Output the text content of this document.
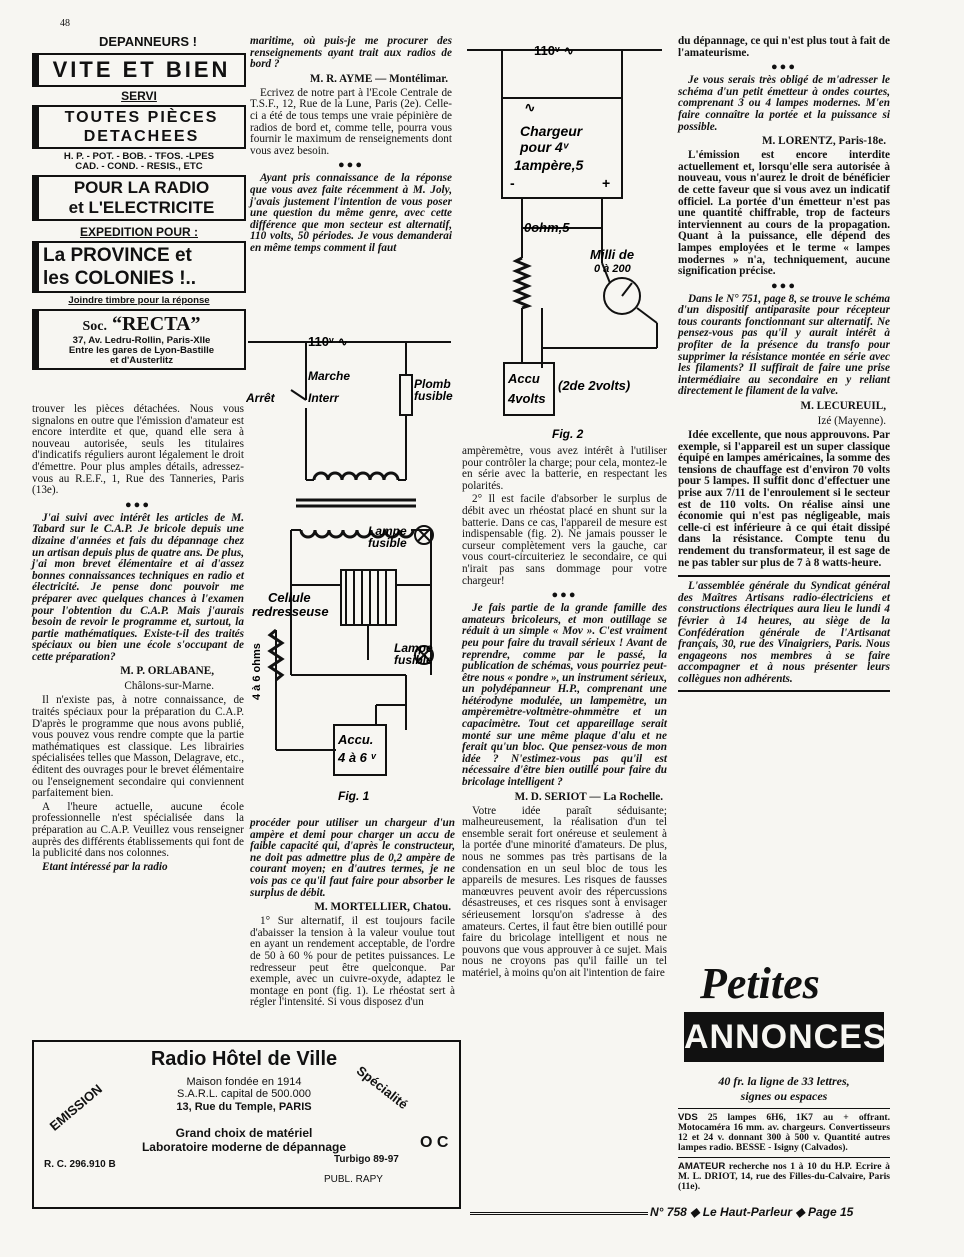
48
DEPANNEURS !
VITE ET BIEN
SERVI
TOUTES PIÈCES
DETACHEES
H. P. - POT. - BOB. - TFOS. -LPES
CAD. - COND. - RESIS., ETC
POUR LA RADIO
et L'ELECTRICITE
EXPEDITION POUR :
La PROVINCE et
les COLONIES !..
Joindre timbre pour la réponse
Soc. “RECTA”
37, Av. Ledru-Rollin, Paris-XIIe
Entre les gares de Lyon-Bastille
et d'Austerlitz

trouver les pièces détachées. Nous vous signalons en outre que l'émission d'amateur est encore interdite et que, quand elle sera à nouveau autorisée, seuls les titulaires d'indicatifs réguliers auront légalement le droit d'émettre. Pour plus amples détails, adressez-vous au R.E.F., 1, Rue des Tanneries, Paris (13e).

●●●

J'ai suivi avec intérêt les articles de M. Tabard sur le C.A.P. Je bricole depuis une dizaine d'années et fais du dépannage chez un artisan depuis plus de quatre ans. De plus, j'ai mon brevet élémentaire et ai d'assez bonnes connaissances techniques en radio et électricité. Je pense donc pouvoir me préparer avec quelques chances à l'examen pour l'obtention du C.A.P. Mais j'aurais besoin de revoir le programme et, surtout, la partie mathématiques. Existe-t-il des traités spéciaux ou bien une école s'occupant de cette préparation?

M. P. ORLABANE,
Châlons-sur-Marne.

Il n'existe pas, à notre connaissance, de traités spéciaux pour la préparation du C.A.P. D'après le programme que nous avons publié, vous pouvez vous rendre compte que la partie mathématiques est classique. Les librairies spécialisées telles que Masson, Delagrave, etc., éditent des ouvrages pour le brevet élémentaire ou l'enseignement secondaire qui conviennent parfaitement bien.

A l'heure actuelle, aucune école professionnelle n'est spécialisée dans la préparation au C.A.P. Veuillez vous renseigner auprès des différents établissements qui font de la publicité dans nos colonnes.

Etant intéressé par la radio

maritime, où puis-je me procurer des renseignements ayant trait aux radios de bord ?

M. R. AYME — Montélimar.

Ecrivez de notre part à l'Ecole Centrale de T.S.F., 12, Rue de la Lune, Paris (2e). Celle-ci a été de tous temps une vraie pépinière de radios de bord et, comme telle, pourra vous fournir le maximum de renseignements dont vous avez besoin.

●●●

Ayant pris connaissance de la réponse que vous avez faite récemment à M. Joly, j'avais justement l'intention de vous poser une question du même genre, avec cette différence que mon secteur est alternatif, 110 volts, 50 périodes. Je vous demanderai en même temps comment il faut

110ᵛ ∿
Arrêt
Marche
Interr
Plomb
fusible
Lampe
fusible
Cellule
redresseuse
Lampe
fusible
4 à 6 ohms
Accu.
4 à 6 ᵛ
Fig. 1

procéder pour utiliser un chargeur d'un ampère et demi pour charger un accu de faible capacité qui, d'après le constructeur, ne doit pas admettre plus de 0,2 ampère de courant moyen; en d'autres termes, je ne vois pas ce qu'il faut faire pour absorber le surplus de débit.

M. MORTELLIER, Chatou.

1° Sur alternatif, il est toujours facile d'abaisser la tension à la valeur voulue tout en ayant un rendement acceptable, de l'ordre de 50 à 60 % pour de petites puissances. Le redresseur peut être quelconque. Par exemple, avec un cuivre-oxyde, adaptez le montage en pont (fig. 1). Le rhéostat sert à régler l'intensité. Si vous disposez d'un

110ᵛ ∿
∿
Chargeur
pour 4ᵛ
1ampère,5
-	+
0ohm,5
Milli de
0 à 200
Accu
4volts
(2de 2volts)
Fig. 2

ampèremètre, vous avez intérêt à l'utiliser pour contrôler la charge; pour cela, montez-le en série avec la batterie, en respectant les polarités.

2° Il est facile d'absorber le surplus de débit avec un rhéostat placé en shunt sur la batterie. Dans ce cas, l'appareil de mesure est indispensable (fig. 2). Ne jamais pousser le curseur complètement vers la gauche, car vous court-circuiteriez le secondaire, ce qui n'irait pas sans dommage pour votre chargeur!

●●●

Je fais partie de la grande famille des amateurs bricoleurs, et mon outillage se réduit à un simple « Mov ». C'est vraiment peu pour faire du travail sérieux ! Avant de reprendre, comme par le passé, la publication de schémas, vous pourriez peut-être nous « pondre », un instrument sérieux, un polydépanneur H.P., comprenant une hétérodyne modulée, un lampemètre, un ampèremètre-voltmètre-ohmmètre et un capacimètre. Tout cet appareillage serait monté sur une même plaque d'alu et ne ferait qu'un bloc. Que pensez-vous de mon idée ? N'estimez-vous pas qu'il est nécessaire d'être bien outillé pour faire du bricolage intelligent ?

M. D. SERIOT — La Rochelle.

Votre idée paraît séduisante; malheureusement, la réalisation d'un tel ensemble serait fort onéreuse et seulement à la portée d'une minorité d'amateurs. De plus, nous ne sommes pas très partisans de la condensation en un seul bloc de tous les appareils de mesures. Les risques de fausses manœuvres peuvent avoir des répercussions désastreuses, et ces risques sont à envisager sérieusement lorsqu'on s'adresse à des amateurs. Certes, il faut être bien outillé pour faire du bricolage intelligent et nous ne pouvons que vous approuver à ce sujet. Mais nous ne croyons pas qu'il faille un tel matériel, à moins qu'on ait l'intention de faire

du dépannage, ce qui n'est plus tout à fait de l'amateurisme.

●●●

Je vous serais très obligé de m'adresser le schéma d'un petit émetteur à ondes courtes, comprenant 3 ou 4 lampes modernes. M'en faire connaître la portée et la puissance si possible.

M. LORENTZ, Paris-18e.

L'émission est encore interdite actuellement et, lorsqu'elle sera autorisée à nouveau, vous n'aurez le droit de bénéficier de cette faveur que si vous avez un indicatif officiel. La portée d'un émetteur n'est pas une quantité chiffrable, trop de facteurs interviennent au cours de la propagation. Quant à la puissance, elle dépend des lampes employées et le terme « lampes modernes » n'a, techniquement, aucune signification précise.

●●●

Dans le N° 751, page 8, se trouve le schéma d'un dispositif antiparasite pour récepteur tous courants fonctionnant sur alternatif. Ne pensez-vous pas qu'il y aurait intérêt à profiter de la présence du transfo pour supprimer la résistance montée en série avec les filaments? Il suffirait de faire une prise intermédiaire au secondaire en y reliant directement le filament de la valve.

M. LECUREUIL,
Izé (Mayenne).

Idée excellente, que nous approuvons. Par exemple, si l'appareil est un super classique équipé en lampes américaines, la somme des tensions de chauffage est d'environ 70 volts pour 5 lampes. Il suffit donc d'effectuer une prise aux 7/11 de l'enroulement si le secteur est de 110 volts. On réalise ainsi une économie qui n'est pas négligeable, mais celle-ci est inférieure à ce qui était dissipé dans la résistance. Compte tenu du rendement du transformateur, il est sage de ne pas tabler sur plus de 7 à 8 watts-heure.

L'assemblée générale du Syndicat général des Maîtres Artisans radio-électriciens et constructions électriques aura lieu le lundi 4 février à 14 heures, au siège de la Confédération générale de l'Artisanat français, 30, rue des Vinaigriers, Paris. Nous engageons nos membres à se faire accompagner et à nous présenter leurs collègues non adhérents.

Petites
ANNONCES
40 fr. la ligne de 33 lettres,
signes ou espaces

VDS 25 lampes 6H6, 1K7 au + offrant. Motocaméra 16 mm. av. chargeurs. Convertisseurs 12 et 24 v. donnant 300 à 500 v. Quantité autres lampes radio. BESSE - Isigny (Calvados).

AMATEUR recherche nos 1 à 10 du H.P. Ecrire à M. L. DRIOT, 14, rue des Filles-du-Calvaire, Paris (11e).

EMISSION	Spécialité
O C
Radio Hôtel de Ville
Maison fondée en 1914
S.A.R.L. capital de 500.000
13, Rue du Temple, PARIS
Grand choix de matériel
Laboratoire moderne de dépannage
R. C. 296.910 B	Turbigo 89-97
PUBL. RAPY
N° 758 ◆ Le Haut-Parleur ◆ Page 15
